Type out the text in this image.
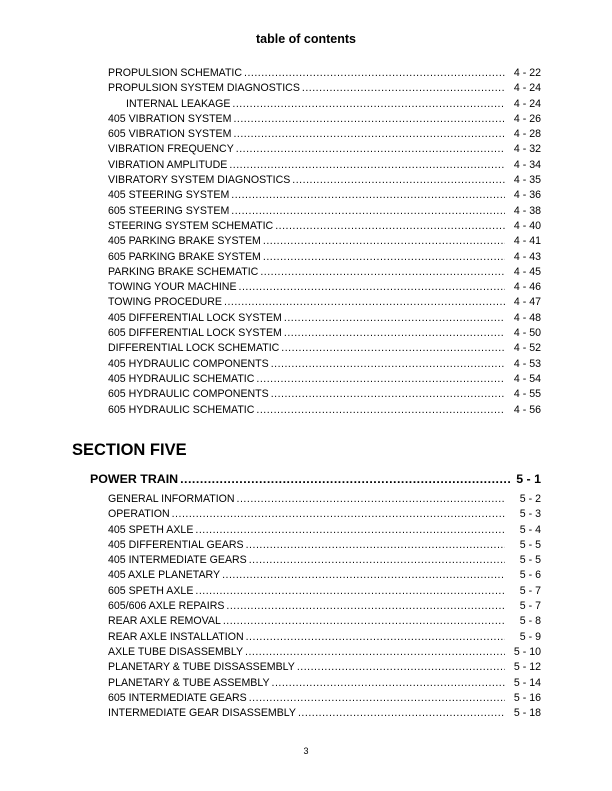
table of contents
PROPULSION SCHEMATIC .....	4 - 22
PROPULSION SYSTEM DIAGNOSTICS .....	4 - 24
INTERNAL LEAKAGE .....	4 - 24
405 VIBRATION SYSTEM .....	4 - 26
605 VIBRATION SYSTEM .....	4 - 28
VIBRATION FREQUENCY .....	4 - 32
VIBRATION AMPLITUDE .....	4 - 34
VIBRATORY SYSTEM DIAGNOSTICS .....	4 - 35
405 STEERING SYSTEM .....	4 - 36
605 STEERING SYSTEM .....	4 - 38
STEERING SYSTEM SCHEMATIC .....	4 - 40
405 PARKING BRAKE SYSTEM .....	4 - 41
605 PARKING BRAKE SYSTEM .....	4 - 43
PARKING BRAKE SCHEMATIC .....	4 - 45
TOWING YOUR MACHINE .....	4 - 46
TOWING PROCEDURE .....	4 - 47
405 DIFFERENTIAL LOCK SYSTEM .....	4 - 48
605 DIFFERENTIAL LOCK SYSTEM .....	4 - 50
DIFFERENTIAL LOCK SCHEMATIC .....	4 - 52
405 HYDRAULIC COMPONENTS .....	4 - 53
405 HYDRAULIC SCHEMATIC .....	4 - 54
605 HYDRAULIC COMPONENTS .....	4 - 55
605 HYDRAULIC SCHEMATIC .....	4 - 56
SECTION FIVE
POWER TRAIN .....	5 - 1
GENERAL INFORMATION .....	5 - 2
OPERATION .....	5 - 3
405 SPETH AXLE .....	5 - 4
405 DIFFERENTIAL GEARS .....	5 - 5
405 INTERMEDIATE GEARS .....	5 - 5
405 AXLE PLANETARY .....	5 - 6
605 SPETH AXLE .....	5 - 7
605/606 AXLE REPAIRS .....	5 - 7
REAR AXLE REMOVAL .....	5 - 8
REAR AXLE INSTALLATION .....	5 - 9
AXLE TUBE DISASSEMBLY .....	5 - 10
PLANETARY & TUBE DISSASSEMBLY .....	5 - 12
PLANETARY & TUBE ASSEMBLY .....	5 - 14
605 INTERMEDIATE GEARS .....	5 - 16
INTERMEDIATE GEAR DISASSEMBLY .....	5 - 18
3
